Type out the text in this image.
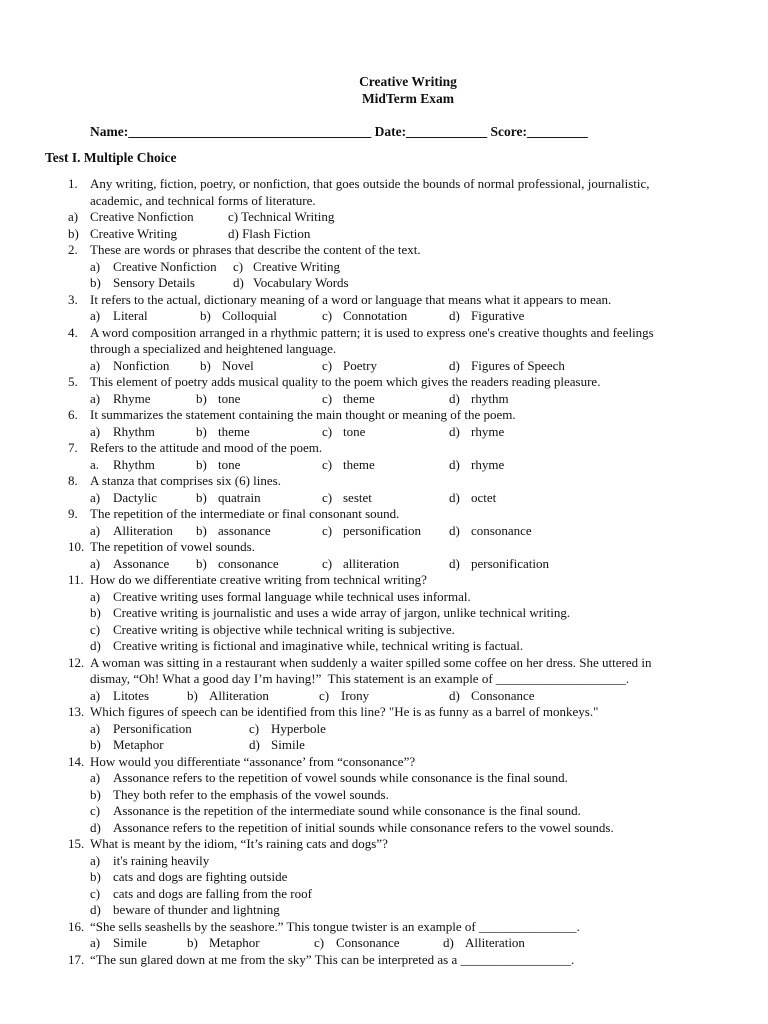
Creative Writing
MidTerm Exam
Name:____________________________________ Date:____________ Score:_________
Test I. Multiple Choice
1. Any writing, fiction, poetry, or nonfiction, that goes outside the bounds of normal professional, journalistic,
academic, and technical forms of literature.
a) Creative Nonfiction	c) Technical Writing
b) Creative Writing	d) Flash Fiction
2. These are words or phrases that describe the content of the text.
a) Creative Nonfiction c) Creative Writing
b) Sensory Details	d) Vocabulary Words
3. It refers to the actual, dictionary meaning of a word or language that means what it appears to mean.
a) Literal	b) Colloquial	c) Connotation	d) Figurative
4. A word composition arranged in a rhythmic pattern; it is used to express one's creative thoughts and feelings
through a specialized and heightened language.
a) Nonfiction b) Novel	c) Poetry	d) Figures of Speech
5. This element of poetry adds musical quality to the poem which gives the readers reading pleasure.
a) Rhyme	b) tone	c) theme	d) rhythm
6. It summarizes the statement containing the main thought or meaning of the poem.
a) Rhythm	b) theme	c) tone	d) rhyme
7. Refers to the attitude and mood of the poem.
a. Rhythm	b) tone	c) theme	d) rhyme
8. A stanza that comprises six (6) lines.
a) Dactylic	b) quatrain	c) sestet	d) octet
9. The repetition of the intermediate or final consonant sound.
a) Alliteration b) assonance	c) personification d) consonance
10. The repetition of vowel sounds.
a) Assonance b) consonance	c) alliteration	d) personification
11. How do we differentiate creative writing from technical writing?
a) Creative writing uses formal language while technical uses informal.
b) Creative writing is journalistic and uses a wide array of jargon, unlike technical writing.
c) Creative writing is objective while technical writing is subjective.
d) Creative writing is fictional and imaginative while, technical writing is factual.
12. A woman was sitting in a restaurant when suddenly a waiter spilled some coffee on her dress. She uttered in
dismay, “Oh! What a good day I’m having!”  This statement is an example of ____________________.
a) Litotes	b) Alliteration	c) Irony	d) Consonance
13. Which figures of speech can be identified from this line? "He is as funny as a barrel of monkeys."
a) Personification	c) Hyperbole
b) Metaphor	d) Simile
14. How would you differentiate “assonance’ from “consonance”?
a) Assonance refers to the repetition of vowel sounds while consonance is the final sound.
b) They both refer to the emphasis of the vowel sounds.
c) Assonance is the repetition of the intermediate sound while consonance is the final sound.
d) Assonance refers to the repetition of initial sounds while consonance refers to the vowel sounds.
15. What is meant by the idiom, “It’s raining cats and dogs”?
a) it's raining heavily
b) cats and dogs are fighting outside
c) cats and dogs are falling from the roof
d) beware of thunder and lightning
16. “She sells seashells by the seashore.” This tongue twister is an example of _______________.
a) Simile	b) Metaphor	c) Consonance	d) Alliteration
17. “The sun glared down at me from the sky” This can be interpreted as a _________________.
